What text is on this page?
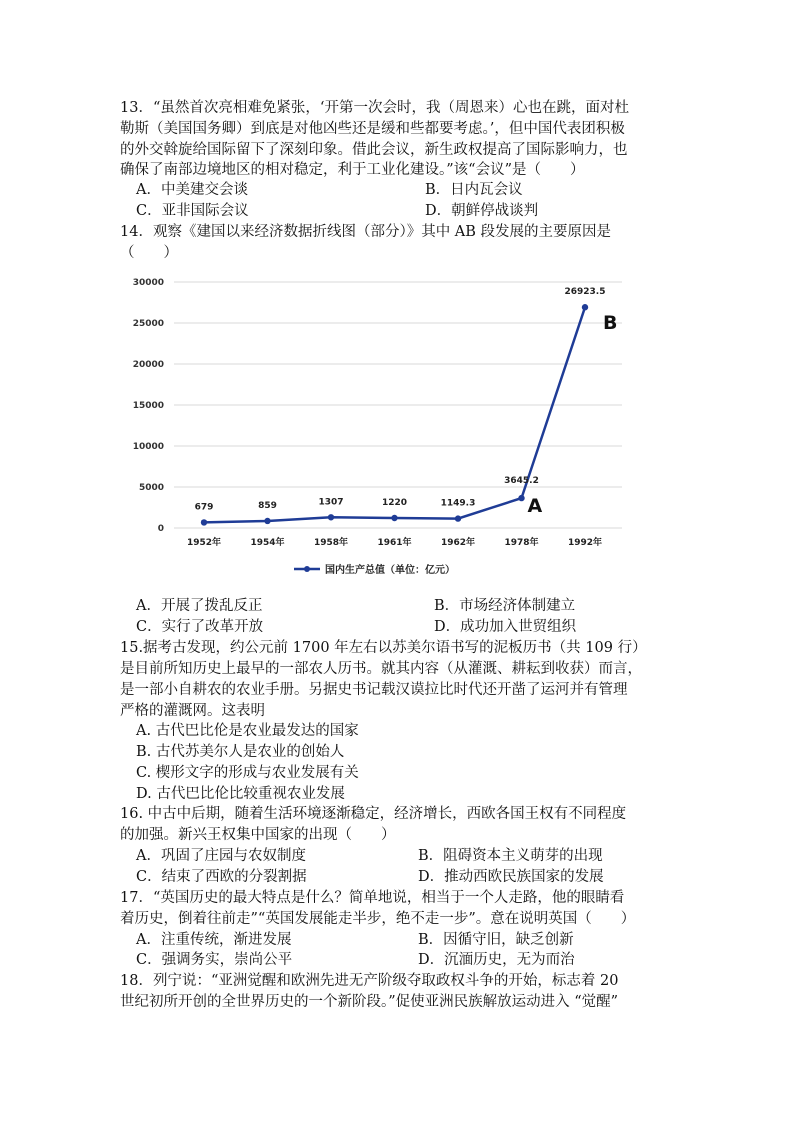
13．“虽然首次亮相难免紧张，‘开第一次会时，我（周恩来）心也在跳，面对杜
勒斯（美国国务卿）到底是对他凶些还是缓和些都要考虑。’，但中国代表团积极
的外交斡旋给国际留下了深刻印象。借此会议，新生政权提高了国际影响力，也
确保了南部边境地区的相对稳定，利于工业化建设。”该“会议”是（　　）
A．中美建交会谈	B．日内瓦会议
C．亚非国际会议	D．朝鲜停战谈判
14．观察《建国以来经济数据折线图（部分）》其中 AB 段发展的主要原因是
（　　）
0
5000
10000
15000
20000
25000
30000
1952年	1954年	1958年	1961年	1962年	1978年	1992年
679	859	1307	1220	1149.3
3645.2
26923.5
A
B
国内生产总值（单位：亿元）
A．开展了拨乱反正	B．市场经济体制建立
C．实行了改革开放	D．成功加入世贸组织
15.据考古发现，约公元前 1700 年左右以苏美尔语书写的泥板历书（共 109 行）
是目前所知历史上最早的一部农人历书。就其内容（从灌溉、耕耘到收获）而言，
是一部小自耕农的农业手册。另据史书记载汉谟拉比时代还开凿了运河并有管理
严格的灌溉网。这表明
A. 古代巴比伦是农业最发达的国家
B. 古代苏美尔人是农业的创始人
C. 楔形文字的形成与农业发展有关
D. 古代巴比伦比较重视农业发展
16. 中古中后期，随着生活环境逐渐稳定，经济增长，西欧各国王权有不同程度
的加强。新兴王权集中国家的出现（　　）
A．巩固了庄园与农奴制度	B．阻碍资本主义萌芽的出现
C．结束了西欧的分裂割据	D．推动西欧民族国家的发展
17．“英国历史的最大特点是什么？简单地说，相当于一个人走路，他的眼睛看
着历史，倒着往前走”“英国发展能走半步，绝不走一步”。意在说明英国（　　）
A．注重传统，渐进发展	B．因循守旧，缺乏创新
C．强调务实，崇尚公平	D．沉湎历史，无为而治
18．列宁说：“亚洲觉醒和欧洲先进无产阶级夺取政权斗争的开始，标志着 20
世纪初所开创的全世界历史的一个新阶段。”促使亚洲民族解放运动进入 “觉醒”
